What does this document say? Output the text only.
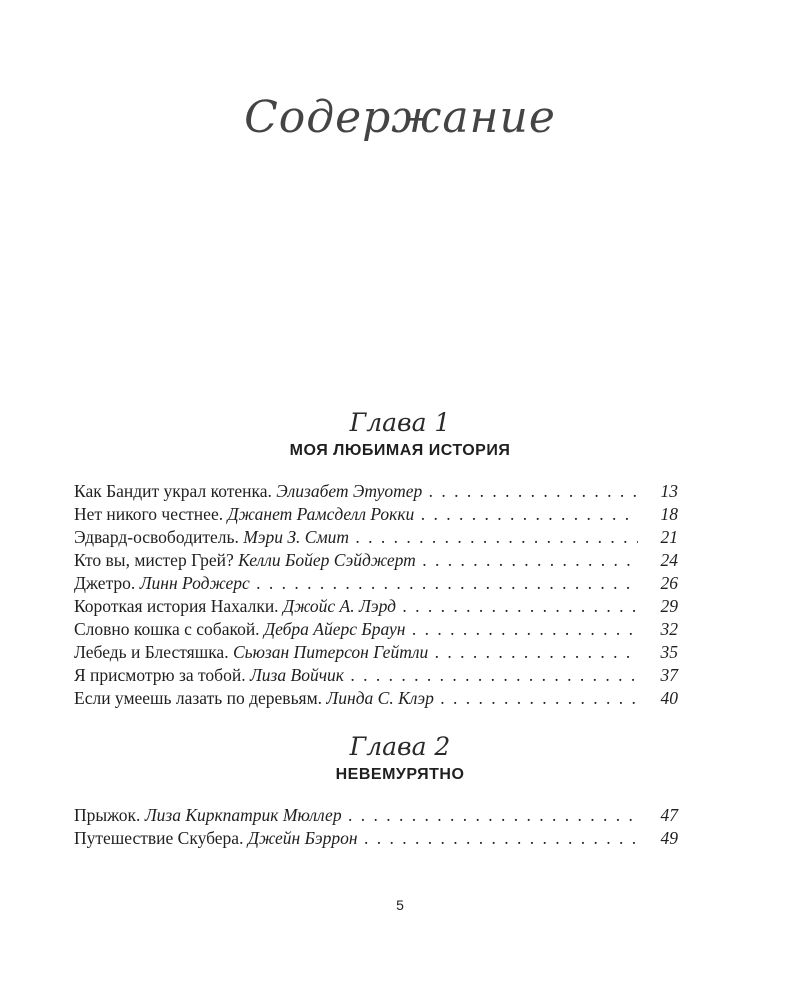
Содержание
Глава 1
МОЯ ЛЮБИМАЯ ИСТОРИЯ
Как Бандит украл котенка. Элизабет Этуотер . . .	13
Нет никого честнее. Джанет Рамсделл Рокки . . .	18
Эдвард-освободитель. Мэри З. Смит . . .	21
Кто вы, мистер Грей? Келли Бойер Сэйджерт . . .	24
Джетро. Линн Роджерс . . .	26
Короткая история Нахалки. Джойс А. Лэрд . . .	29
Словно кошка с собакой. Дебра Айерс Браун . . .	32
Лебедь и Блестяшка. Сьюзан Питерсон Гейтли . . .	35
Я присмотрю за тобой. Лиза Войчик . . .	37
Если умеешь лазать по деревьям. Линда С. Клэр . . .	40
Глава 2
НЕВЕМУРЯТНО
Прыжок. Лиза Киркпатрик Мюллер . . .	47
Путешествие Скубера. Джейн Бэррон . . .	49
5
